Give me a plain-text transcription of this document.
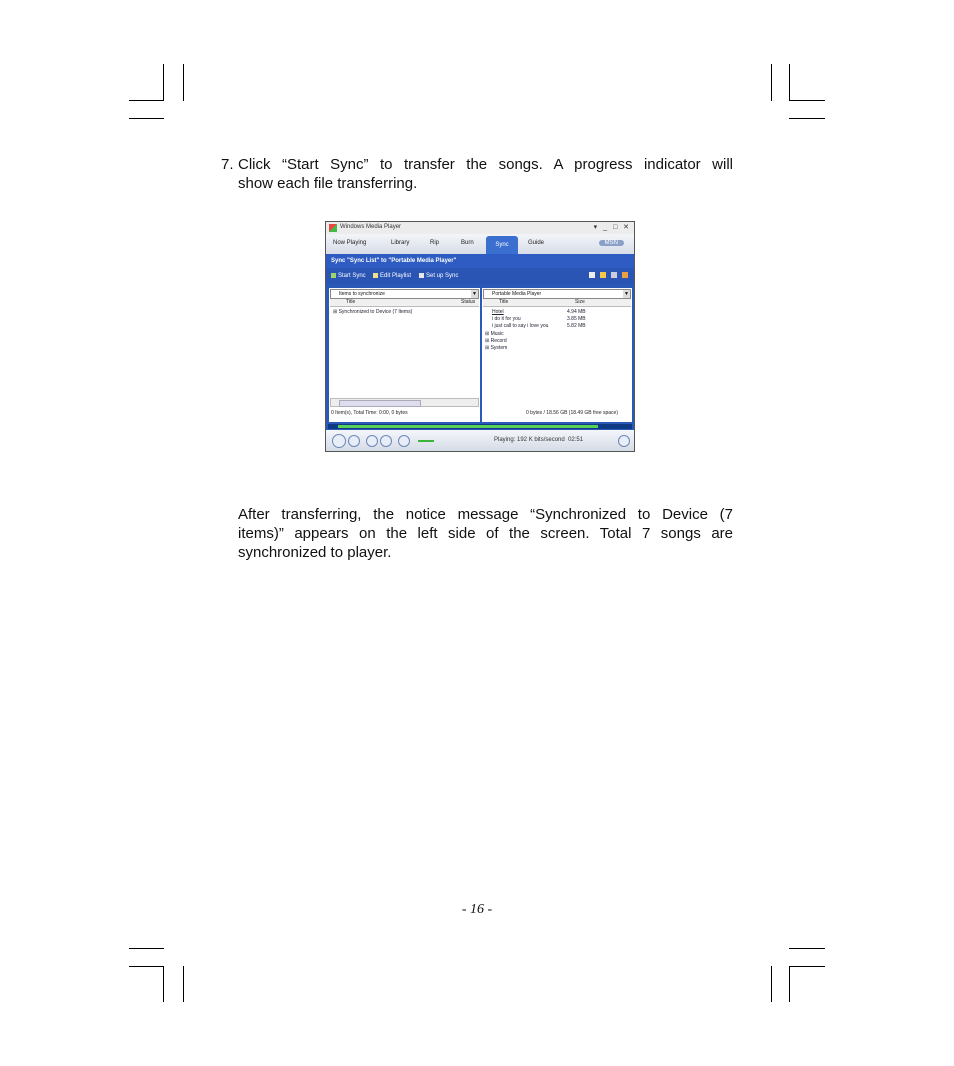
7. Click “Start Sync” to transfer the songs. A progress indicator will
show each file transferring.
Windows Media Player	▾ _ □ ✕
Now Playing	Library	Rip	Burn	Sync	Guide	MSN
Sync "Sync List" to "Portable Media Player"
Start Sync	Edit Playlist	Set up Sync
Items to synchronize	▼
Title	Status
⊞ Synchronized to Device (7 Items)
0 Item(s), Total Time: 0:00, 0 bytes
Portable Media Player	▼
Title	Size
Hotel	4.94 MB
i do it for you	3.85 MB
i just call to say i love you	5.82 MB
⊞ Music
⊞ Record
⊞ System
0 bytes / 18.56 GB (18.49 GB free space)
Playing: 192 K bits/second 02:51
After transferring, the notice message “Synchronized to Device (7
items)” appears on the left side of the screen. Total 7 songs are
synchronized to player.
- 16 -
